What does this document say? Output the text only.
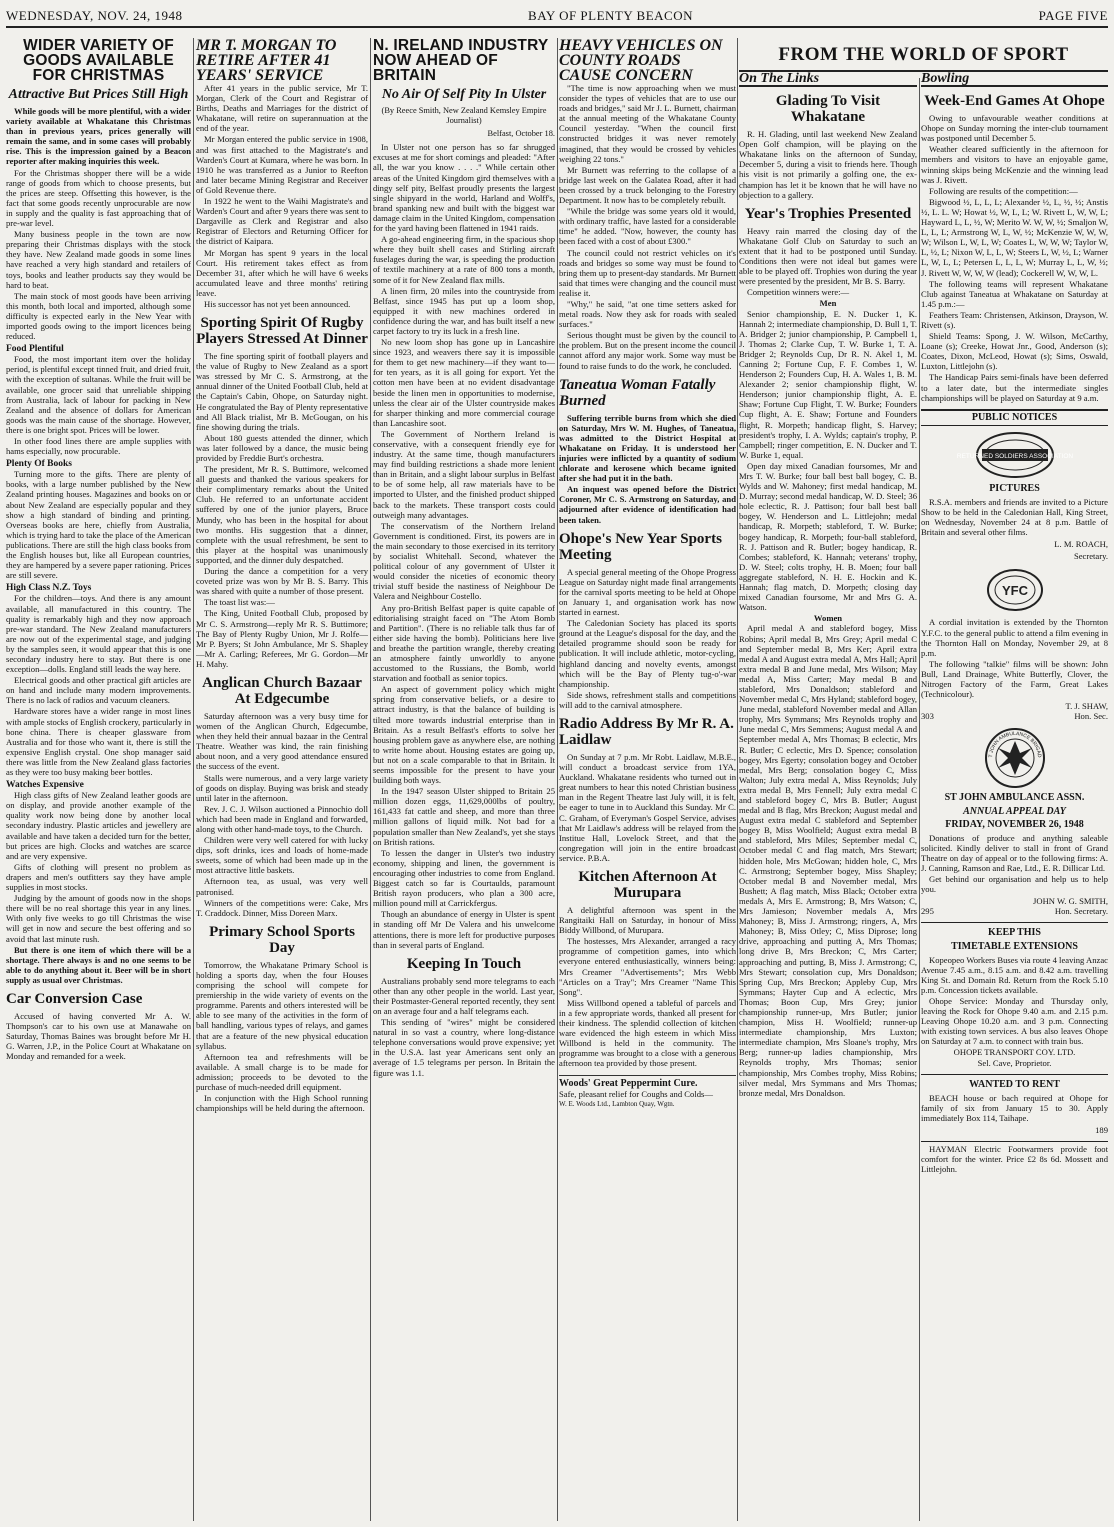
WEDNESDAY, NOV. 24, 1948	BAY OF PLENTY BEACON	PAGE FIVE
WIDER VARIETY OF GOODS AVAILABLE FOR CHRISTMAS
Attractive But Prices Still High

While goods will be more plentiful, with a wider variety available at Whakatane this Christmas than in previous years, prices generally will remain the same, and in some cases will probably rise. This is the impression gained by a Beacon reporter after making inquiries this week.

For the Christmas shopper there will be a wide range of goods from which to choose presents, but the prices are steep. Offsetting this however, is the fact that some goods recently unprocurable are now in supply and the quality is fast approaching that of pre-war level.

Many business people in the town are now preparing their Christmas displays with the stock they have. New Zealand made goods in some lines have reached a very high standard and retailers of toys, books and leather products say they would be hard to beat.

The main stock of most goods have been arriving this month, both local and imported, although some difficulty is expected early in the New Year with imported goods owing to the import licences being reduced.

Food Plentiful

Food, the most important item over the holiday period, is plentiful except tinned fruit, and dried fruit, with the exception of sultanas. While the fruit will be available, one grocer said that unreliable shipping from Australia, lack of labour for packing in New Zealand and the absence of dollars for American goods was the main cause of the shortage. However, there is one bright spot. Prices will be lower.

In other food lines there are ample supplies with hams especially, now procurable.

Plenty Of Books

Turning more to the gifts. There are plenty of books, with a large number published by the New Zealand printing houses. Magazines and books on or about New Zealand are especially popular and they show a high standard of binding and printing. Overseas books are here, chiefly from Australia, which is trying hard to take the place of the American publications. There are still the high class books from the English houses but, like all European countries, they are hampered by a severe paper rationing. Prices are still severe.

High Class N.Z. Toys

For the children—toys. And there is any amount available, all manufactured in this country. The quality is remarkably high and they now approach pre-war standard. The New Zealand manufacturers are now out of the experimental stage, and judging by the samples seen, it would appear that this is one secondary industry here to stay. But there is one exception—dolls. England still leads the way here.

Electrical goods and other practical gift articles are on hand and include many modern improvements. There is no lack of radios and vacuum cleaners.

Hardware stores have a wider range in most lines with ample stocks of English crockery, particularly in bone china. There is cheaper glassware from Australia and for those who want it, there is still the expensive English crystal. One shop manager said there was little from the New Zealand glass factories as they were too busy making beer bottles.

Watches Expensive

High class gifts of New Zealand leather goods are on display, and provide another example of the quality work now being done by another local secondary industry. Plastic articles and jewellery are available and have taken a decided turn for the better, but prices are high. Clocks and watches are scarce and are very expensive.

Gifts of clothing will present no problem as drapers and men's outfitters say they have ample supplies in most stocks.

Judging by the amount of goods now in the shops there will be no real shortage this year in any lines. With only five weeks to go till Christmas the wise will get in now and secure the best offering and so avoid that last minute rush.

But there is one item of which there will be a shortage. There always is and no one seems to be able to do anything about it. Beer will be in short supply as usual over Christmas.

Car Conversion Case

Accused of having converted Mr A. W. Thompson's car to his own use at Manawahe on Saturday, Thomas Baines was brought before Mr H. G. Warren, J.P., in the Police Court at Whakatane on Monday and remanded for a week.

MR T. MORGAN TO RETIRE AFTER 41 YEARS' SERVICE

After 41 years in the public service, Mr T. Morgan, Clerk of the Court and Registrar of Births, Deaths and Marriages for the district of Whakatane, will retire on superannuation at the end of the year.

Mr Morgan entered the public service in 1908, and was first attached to the Magistrate's and Warden's Court at Kumara, where he was born. In 1910 he was transferred as a Junior to Reefton and later became Mining Registrar and Receiver of Gold Revenue there.

In 1922 he went to the Waihi Magistrate's and Warden's Court and after 9 years there was sent to Dargaville as Clerk and Registrar and also Registrar of Electors and Returning Officer for the district of Kaipara.

Mr Morgan has spent 9 years in the local Court. His retirement takes effect as from December 31, after which he will have 6 weeks accumulated leave and three months' retiring leave.

His successor has not yet been announced.

Sporting Spirit Of Rugby Players Stressed At Dinner

The fine sporting spirit of football players and the value of Rugby to New Zealand as a sport was stressed by Mr C. S. Armstrong, at the annual dinner of the United Football Club, held at the Captain's Cabin, Ohope, on Saturday night. He congratulated the Bay of Plenty representative and All Black trialist, Mr B. McGougan, on his fine showing during the trials.

About 180 guests attended the dinner, which was later followed by a dance, the music being provided by Freddie Burt's orchestra.

The president, Mr R. S. Buttimore, welcomed all guests and thanked the various speakers for their complimentary remarks about the United Club. He referred to an unfortunate accident suffered by one of the junior players, Bruce Mundy, who has been in the hospital for about two months. His suggestion that a dinner, complete with the usual refreshment, be sent to this player at the hospital was unanimously supported, and the dinner duly despatched.

During the dance a competition for a very coveted prize was won by Mr B. S. Barry. This was shared with quite a number of those present.

The toast list was:—

The King, United Football Club, proposed by Mr C. S. Armstrong—reply Mr R. S. Buttimore; The Bay of Plenty Rugby Union, Mr J. Rolfe—Mr P. Byers; St John Ambulance, Mr S. Shapley—Mr A. Carling; Referees, Mr G. Gordon—Mr H. Mahy.

Anglican Church Bazaar At Edgecumbe

Saturday afternoon was a very busy time for women of the Anglican Church, Edgecumbe, when they held their annual bazaar in the Central Theatre. Weather was kind, the rain finishing about noon, and a very good attendance ensured the success of the event.

Stalls were numerous, and a very large variety of goods on display. Buying was brisk and steady until later in the afternoon.

Rev. J. C. J. Wilson auctioned a Pinnochio doll which had been made in England and forwarded, along with other hand-made toys, to the Church.

Children were very well catered for with lucky dips, soft drinks, ices and loads of home-made sweets, some of which had been made up in the most attractive little baskets.

Afternoon tea, as usual, was very well patronised.

Winners of the competitions were: Cake, Mrs T. Craddock. Dinner, Miss Doreen Marx.

Primary School Sports Day

Tomorrow, the Whakatane Primary School is holding a sports day, when the four Houses comprising the school will compete for premiership in the wide variety of events on the programme. Parents and others interested will be able to see many of the activities in the form of ball handling, various types of relays, and games that are a feature of the new physical education syllabus.

Afternoon tea and refreshments will be available. A small charge is to be made for admission; proceeds to be devoted to the purchase of much-needed drill equipment.

In conjunction with the High School running championships will be held during the afternoon.

N. IRELAND INDUSTRY NOW AHEAD OF BRITAIN
No Air Of Self Pity In Ulster
(By Reece Smith, New Zealand Kemsley Empire Journalist)
Belfast, October 18.

In Ulster not one person has so far shrugged excuses at me for short comings and pleaded: "After all, the war you know . . . ." While certain other areas of the United Kingdom gird themselves with a dingy self pity, Belfast proudly presents the largest single shipyard in the world, Harland and Wolff's, brand spanking new and built with the biggest war damage claim in the United Kingdom, compensation for the yard having been flattened in 1941 raids.

A go-ahead engineering firm, in the spacious shop where they built shell cases and Stirling aircraft fuselages during the war, is speeding the production of textile machinery at a rate of 800 tons a month, some of it for New Zealand flax mills.

A linen firm, 20 miles into the countryside from Belfast, since 1945 has put up a loom shop, equipped it with new machines ordered in confidence during the war, and has built itself a new carpet factory to try its luck in a fresh line.

No new loom shop has gone up in Lancashire since 1923, and weavers there say it is impossible for them to get new machinery—if they want to—for ten years, as it is all going for export. Yet the cotton men have been at no evident disadvantage beside the linen men in opportunities to modernise, unless the clear air of the Ulster countryside makes for sharper thinking and more commercial courage than Lancashire soot.

The Government of Northern Ireland is conservative, with a consequent friendly eye for industry. At the same time, though manufacturers may find building restrictions a shade more lenient than in Britain, and a slight labour surplus in Belfast to be of some help, all raw materials have to be imported to Ulster, and the finished product shipped back to the markets. These transport costs could outweigh many advantages.

The conservatism of the Northern Ireland Government is conditioned. First, its powers are in the main secondary to those exercised in its territory by socialist Whitehall. Second, whatever the political colour of any government of Ulster it would consider the niceties of economic theory trivial stuff beside the nastiness of Neighbour De Valera and Neighbour Costello.

Any pro-British Belfast paper is quite capable of editorialising straight faced on "The Atom Bomb and Partition". (There is no reliable talk thus far of either side having the bomb). Politicians here live and breathe the partition wrangle, thereby creating an atmosphere faintly unworldly to anyone accustomed to the Russians, the Bomb, world starvation and football as senior topics.

An aspect of government policy which might spring from conservative beliefs, or a desire to attract industry, is that the balance of building is tilted more towards industrial enterprise than in Britain. As a result Belfast's efforts to solve her housing problem gave as anywhere else, are nothing to write home about. Housing estates are going up, but not on a scale comparable to that in Britain. It seems impossible for the present to have your building both ways.

In the 1947 season Ulster shipped to Britain 25 million dozen eggs, 11,629,000lbs of poultry, 161,433 fat cattle and sheep, and more than three million gallons of liquid milk. Not bad for a population smaller than New Zealand's, yet she stays on British rations.

To lessen the danger in Ulster's two industry economy, shipping and linen, the government is encouraging other industries to come from England. Biggest catch so far is Courtaulds, paramount British rayon producers, who plan a 300 acre, million pound mill at Carrickfergus.

Though an abundance of energy in Ulster is spent in standing off Mr De Valera and his unwelcome attentions, there is more left for productive purposes than in several parts of England.

Keeping In Touch

Australians probably send more telegrams to each other than any other people in the world. Last year, their Postmaster-General reported recently, they sent on an average four and a half telegrams each.

This sending of "wires" might be considered natural in so vast a country, where long-distance telephone conversations would prove expensive; yet in the U.S.A. last year Americans sent only an average of 1.5 telegrams per person. In Britain the figure was 1.1.

HEAVY VEHICLES ON COUNTY ROADS CAUSE CONCERN

"The time is now approaching when we must consider the types of vehicles that are to use our roads and bridges," said Mr J. L. Burnett, chairman at the annual meeting of the Whakatane County Council yesterday. "When the council first constructed bridges it was never remotely imagined, that they would be crossed by vehicles weighing 22 tons."

Mr Burnett was referring to the collapse of a bridge last week on the Galatea Road, after it had been crossed by a truck belonging to the Forestry Department. It now has to be completely rebuilt.

"While the bridge was some years old it would, with ordinary traffic, have lasted for a considerable time" he added. "Now, however, the county has been faced with a cost of about £300."

The council could not restrict vehicles on it's roads and bridges so some way must be found to bring them up to present-day standards. Mr Burnett said that times were changing and the council must realise it.

"Why," he said, "at one time setters asked for metal roads. Now they ask for roads with sealed surfaces."

Serious thought must be given by the council to the problem. But on the present income the council cannot afford any major work. Some way must be found to raise funds to do the work, he concluded.

Taneatua Woman Fatally Burned

Suffering terrible burns from which she died on Saturday, Mrs W. M. Hughes, of Taneatua, was admitted to the District Hospital at Whakatane on Friday. It is understood her injuries were inflicted by a quantity of sodium chlorate and kerosene which became ignited after she had put it in the bath.

An inquest was opened before the District Coroner, Mr C. S. Armstrong on Saturday, and adjourned after evidence of identification had been taken.

Ohope's New Year Sports Meeting

A special general meeting of the Ohope Progress League on Saturday night made final arrangements for the carnival sports meeting to be held at Ohope on January 1, and organisation work has now started in earnest.

The Caledonian Society has placed its sports ground at the League's disposal for the day, and the detailed programme should soon be ready for publication. It will include athletic, motor-cycling, highland dancing and novelty events, amongst which will be the Bay of Plenty tug-o'-war championship.

Side shows, refreshment stalls and competitions will add to the carnival atmosphere.

Radio Address By Mr R. A. Laidlaw

On Sunday at 7 p.m. Mr Robt. Laidlaw, M.B.E., will conduct a broadcast service from 1YA, Auckland. Whakatane residents who turned out in great numbers to hear this noted Christian business man in the Regent Theatre last July will, it is felt, be eager to tune in to Auckland this Sunday. Mr C. C. Graham, of Everyman's Gospel Service, advises that Mr Laidlaw's address will be relayed from the Institue Hall, Lovelock Street, and that the congregation will join in the entire broadcast service. P.B.A.

Kitchen Afternoon At Murupara

A delightful afternoon was spent in the Rangitaiki Hall on Saturday, in honour of Miss Biddy Willbond, of Murupara.

The hostesses, Mrs Alexander, arranged a racy programme of competition games, into which everyone entered enthusiastically, winners being: Mrs Creamer "Advertisements"; Mrs Webb "Articles on a Tray"; Mrs Creamer "Name This Song".

Miss Willbond opened a tableful of parcels and in a few appropriate words, thanked all present for their kindness. The splendid collection of kitchen ware evidenced the high esteem in which Miss Willbond is held in the community. The programme was brought to a close with a generous afternoon tea provided by those present.

Woods' Great Peppermint Cure.
Safe, pleasant relief for Coughs and Colds—
W. E. Woods Ltd., Lambton Quay, Wgtn.
FROM THE WORLD OF SPORT
On The Links
Glading To Visit Whakatane

R. H. Glading, until last weekend New Zealand Open Golf champion, will be playing on the Whakatane links on the afternoon of Sunday, December 5, during a visit to friends here. Though his visit is not primarily a golfing one, the ex-champion has let it be known that he will have no objection to a gallery.

Year's Trophies Presented

Heavy rain marred the closing day of the Whakatane Golf Club on Saturday to such an extent that it had to be postponed until Sunday. Conditions then were not ideal but games were able to be played off. Trophies won during the year were presented by the president, Mr B. S. Barry.

Competition winners were:—

Men

Senior championship, E. N. Ducker 1, K. Hannah 2; intermediate championship, D. Bull 1, T. A. Bridger 2; junior championship, P. Campbell 1, J. Thomas 2; Clarke Cup, T. W. Burke 1, T. A. Bridger 2; Reynolds Cup, Dr R. N. Akel 1, M. Canning 2; Fortune Cup, F. F. Combes 1, W. Henderson 2; Founders Cup, H. A. Wales 1, B. M. Alexander 2; senior championship flight, W. Henderson; junior championship flight, A. E. Shaw; Fortune Cup Flight, T. W. Burke; Founders Cup flight, A. E. Shaw; Fortune and Founders flight, R. Morpeth; handicap flight, S. Harvey; president's trophy, I. A. Wylds; captain's trophy, P. Campbell; ringer competition, E. N. Ducker and T. W. Burke 1, equal.

Open day mixed Canadian foursomes, Mr and Mrs T. W. Burke; four ball best ball bogey, C. B. Wylds and W. Mahoney; first medal handicap, M. D. Murray; second medal handicap, W. D. Steel; 36 hole eclectic, R. J. Pattison; four ball best ball bogey, W. Henderson and L. Littlejohn; medal handicap, R. Morpeth; stableford, T. W. Burke; bogey handicap, R. Morpeth; four-ball stableford, R. J. Pattison and R. Butler; bogey handicap, R. Combes; stableford, K. Hannah; veterans' trophy, D. W. Steel; colts trophy, H. B. Moen; four ball aggregate stableford, N. H. E. Hockin and K. Hannah; flag match, D. Morpeth; closing day mixed Canadian foursome, Mr and Mrs G. A. Watson.

Women

April medal A and stableford bogey, Miss Robins; April medal B, Mrs Grey; April medal C and September medal B, Mrs Ker; April extra medal A and August extra medal A, Mrs Hall; April extra medal B and June medal, Mrs Wilson; May medal A, Miss Carter; May medal B and stableford, Mrs Donaldson; stableford and November medal C, Mrs Hyland; stableford bogey, June medal, stableford November medal and Allan trophy, Mrs Symmans; Mrs Reynolds trophy and June medal C, Mrs Semmens; August medal A and September medal A, Mrs Thomas; B eclectic, Mrs R. Butler; C eclectic, Mrs D. Spence; consolation bogey, Mrs Egerty; consolation bogey and October medal, Mrs Berg; consolation bogey C, Miss Walton; July extra medal A, Miss Reynolds; July extra medal B, Mrs Fennell; July extra medal C and stableford bogey C, Mrs B. Butler; August medal and B flag, Mrs Breckon; August medal and August extra medal C stableford and September bogey B, Miss Woolfield; August extra medal B and stableford, Mrs Miles; September medal C, October medal C and flag match, Mrs Stewart; hidden hole, Mrs McGowan; hidden hole, C, Mrs C. Armstrong; September bogey, Miss Shapley; October medal B and November medal, Mrs Bushett; A flag match, Miss Black; October extra medals A, Mrs E. Armstrong; B, Mrs Watson; C, Mrs Jamieson; November medals A, Mrs Mahoney; B, Miss J. Armstrong; ringers, A, Mrs Mahoney; B, Miss Otley; C, Miss Diprose; long drive, approaching and putting A, Mrs Thomas; long drive B, Mrs Breckon; C, Mrs Carter; approaching and putting, B, Miss J. Armstrong; C, Mrs Stewart; consolation cup, Mrs Donaldson; Spring Cup, Mrs Breckon; Appleby Cup, Mrs Symmans; Hayter Cup and A eclectic, Mrs Thomas; Boon Cup, Mrs Grey; junior championship runner-up, Mrs Butler; junior champion, Miss H. Woolfield; runner-up intermediate championship, Mrs Luxton; intermediate champion, Mrs Sloane's trophy, Mrs Berg; runner-up ladies championship, Mrs Reynolds trophy, Mrs Thomas; senior championship, Mrs Combes trophy, Miss Robins; silver medal, Mrs Symmans and Mrs Thomas; bronze medal, Mrs Donaldson.

Bowling
Week-End Games At Ohope

Owing to unfavourable weather conditions at Ohope on Sunday morning the inter-club tournament was postponed until December 5.

Weather cleared sufficiently in the afternoon for members and visitors to have an enjoyable game, winning skips being McKenzie and the winning lead was J. Rivett.

Following are results of the competition:—

Bigwood ½, L, L, L; Alexander ½, L, ½, ½; Anstis ½, L. L. W; Howat ½, W, L, L; W. Rivett L, W, W, L; Hayward L, L, ½, W; Merito W. W, W, ½; Smaljon W, L, L, L; Armstrong W, L, W, ½; McKenzie W, W, W, W; Wilson L, W, L, W; Coates L, W, W, W; Taylor W, L, ½, L; Nixon W, L, L, W; Steers L, W, ½, L; Warner L, W, L, L; Petersen L, L, L, W; Murray L, L, W, ½; J. Rivett W, W, W, W (lead); Cockerell W, W, W, L.

The following teams will represent Whakatane Club against Taneatua at Whakatane on Saturday at 1.45 p.m.:—

Feathers Team: Christensen, Atkinson, Drayson, W. Rivett (s).

Shield Teams: Spong, J. W. Wilson, McCarthy, Loane (s); Creeke, Howat Jnr., Good, Anderson (s); Coates, Dixon, McLeod, Howat (s); Sims, Oswald, Luxton, Littlejohn (s).

The Handicap Pairs semi-finals have been deferred to a later date, but the intermediate singles championships will be played on Saturday at 9 a.m.

PUBLIC NOTICES
RETURNED SOLDIERS ASSOCIATION
PICTURES

R.S.A. members and friends are invited to a Picture Show to be held in the Caledonian Hall, King Street, on Wednesday, November 24 at 8 p.m. Battle of Britain and several other films.

L. M. ROACH,
Secretary.
YFC

A cordial invitation is extended by the Thornton Y.F.C. to the general public to attend a film evening in the Thornton Hall on Monday, November 29, at 8 p.m.

The following "talkie" films will be shown: John Bull, Land Drainage, White Butterfly, Clover, the Nitrogen Factory of the Farm, Great Lakes (Technicolour).

T. J. SHAW,
303	Hon. Sec.
T JOHN AMBULANCE BRIGAD
ST JOHN AMBULANCE ASSN.
ANNUAL APPEAL DAY
FRIDAY, NOVEMBER 26, 1948

Donations of produce and anything saleable solicited. Kindly deliver to stall in front of Grand Theatre on day of appeal or to the following firms: A. J. Canning, Ramson and Rae, Ltd., E. R. Dillicar Ltd.

Get behind our organisation and help us to help you.

JOHN W. G. SMITH,
295	Hon. Secretary.
KEEP THIS
TIMETABLE EXTENSIONS

Kopeopeo Workers Buses via route 4 leaving Anzac Avenue 7.45 a.m., 8.15 a.m. and 8.42 a.m. travelling King St. and Domain Rd. Return from the Rock 5.10 p.m. Concession tickets available.

Ohope Service: Monday and Thursday only, leaving the Rock for Ohope 9.40 a.m. and 2.15 p.m. Leaving Ohope 10.20 a.m. and 3 p.m. Connecting with existing town services. A bus also leaves Ohope on Saturday at 7 a.m. to connect with train bus.

OHOPE TRANSPORT COY. LTD.
Sel. Cave, Proprietor.
WANTED TO RENT

BEACH house or bach required at Ohope for family of six from January 15 to 30. Apply immediately Box 114, Taihape.

189

HAYMAN Electric Footwarmers provide foot comfort for the winter. Price £2 8s 6d. Mossett and Littlejohn.
